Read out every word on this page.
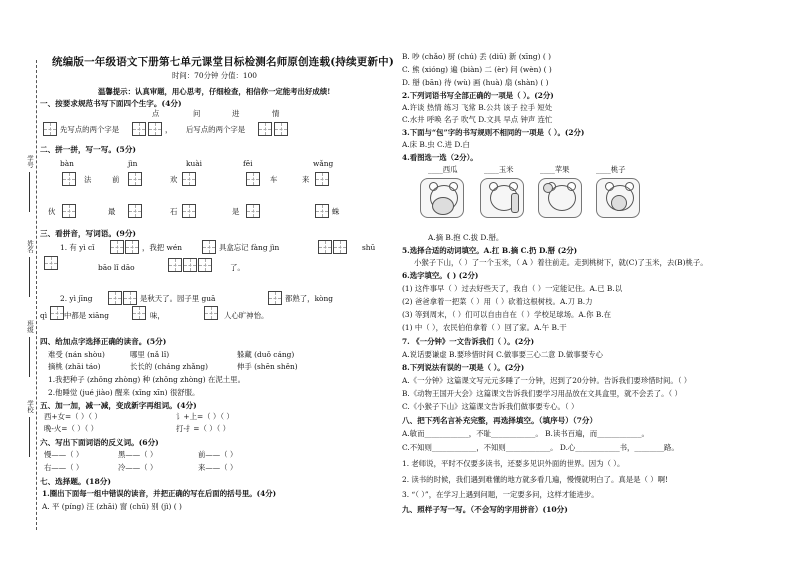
学号
姓名
班级
学校
统编版一年级语文下册第七单元课堂目标检测名师原创连载(持续更新中)
时间：70分钟 分值：100
温馨提示：认真审题，用心思考，仔细检查，相信你一定能考出好成绩!
一、按要求规范书写下面四个生字。(4分)
点	问	进	情
先写点的两个字是	， 后写点的两个字是
二、拼一拼，写一写。(5分)
bàn	jìn	kuài	fēi	wǎng
法	前	欢	车	来
伙	最	石	是	蛛
三、看拼音，写词语。(9分)
1. 有 yì cǐ	，我把 wén	具盒忘记 fàng jìn	shū
bāo lǐ dāo	了。
2. yì jīng	是秋天了。园子里 guā	都熟了，kòng
qì 中都是 xiāng	味，	人心旷神怡。
四、给加点字选择正确的读音。(5分)
难受 (nán shòu)	哪里 (nǎ lǐ)	躲藏 (duǒ cáng)
摘桃 (zhāi táo)	长长的 (cháng zhǎng)	伸手 (shēn shěn)
1.我把种子 (zhǒng zhòng) 种 (zhǒng zhòng) 在泥土里。
2.他睡觉 (jué jiào) 醒来 (xǐng xīn) 很舒服。
五、加一加，减一减，变成新字再组词。(4分)
西+女=（ ）（ ）	讠+上=（ ）（ ）
晚-火=（ ）（ ）	打-扌=（ ）（ ）
六、写出下面词语的反义词。(6分)
慢——（ ）	黑——（ ）	前——（ ）
右——（ ）	冷——（ ）	来——（ ）
七、选择题。(18分)
1.圈出下面每一组中错误的读音，并把正确的写在后面的括号里。(4分)
A. 平 (píng) 汪 (zhāi) 窗 (chū) 别 (jì) ( )
B. 吵 (chǎo) 厨 (chú) 丢 (diū) 新 (xīng) ( )
C. 熊 (xióng) 遍 (biàn) 二 (èr) 问 (wèn) ( )
D. 掰 (bān) 待 (wù) 画 (huà) 扇 (shàn) ( )
2.下列词语书写全部正确的一项是（ ）。(2分)
A.许谈 热情 练习 飞常 B.公共 该子 拉手 短处
C.水井 呼唤 名子 吹气 D.文具 早点 钟声 连忙
3.下面与“包”字的书写规则不相同的一项是（ ）。(2分)
A.床 B.虫 C.进 D.白
4.看图选一选（2分）。
____西瓜	____玉米	____苹果	____桃子
A.摘 B.抱 C.拔 D.掰。
5.选择合适的动词填空。A.扛 B.摘 C.扔 D.掰 (2分)
小猴子下山，（ ）了一个玉米，（ A ）着往前走。走到桃树下，就(C)了玉米，去(B)桃子。
6.选字填空。( ) (2分)
(1) 这件事早（ ）过去好些天了，我自（ ）一定能记住。A.已 B.以
(2) 爸爸拿着一把菜（ ）用（ ）砍着这根树枝。A.刀 B.力
(3) 等到周末，（ ）们可以自由自在（ ）学校足球场。A.你 B.在
(1) 中（ ），农民伯伯拿着（ ）回了家。A.午 B.干
7. 《一分钟》一文告诉我们（ ）。(2分)
A.说话要谦虚 B.要珍惜时间 C.做事要三心二意 D.做事要专心
8.下列说法有误的一项是（ ）。(2分)
A.《一分钟》这篇课文写元元多睡了一分钟，迟到了20分钟。告诉我们要珍惜时间。（ ）
B.《动物王国开大会》这篇课文告诉我们要学习用品放在文具盒里，就不会丢了。（ ）
C.《小猴子下山》这篇课文告诉我们做事要专心。（ ）
八、把下列名言补充完整，再选择填空。（填序号）（7分）
A.敏而____________，不耻____________。 B.读书百遍，而____________。
C.不知则____________，不知则____________。 D.心____________书，________路。
1. 老师说，平时不仅要多读书，还要多见识外面的世界。因为（ ）。
2. 读书的时候，我们遇到难懂的地方就多看几遍，慢慢就明白了。真是是（ ）啊!
3. “（ ）”，在学习上遇到问题，一定要多问，这样才能进步。
九、照样子写一写。（不会写的字用拼音）(10分)
